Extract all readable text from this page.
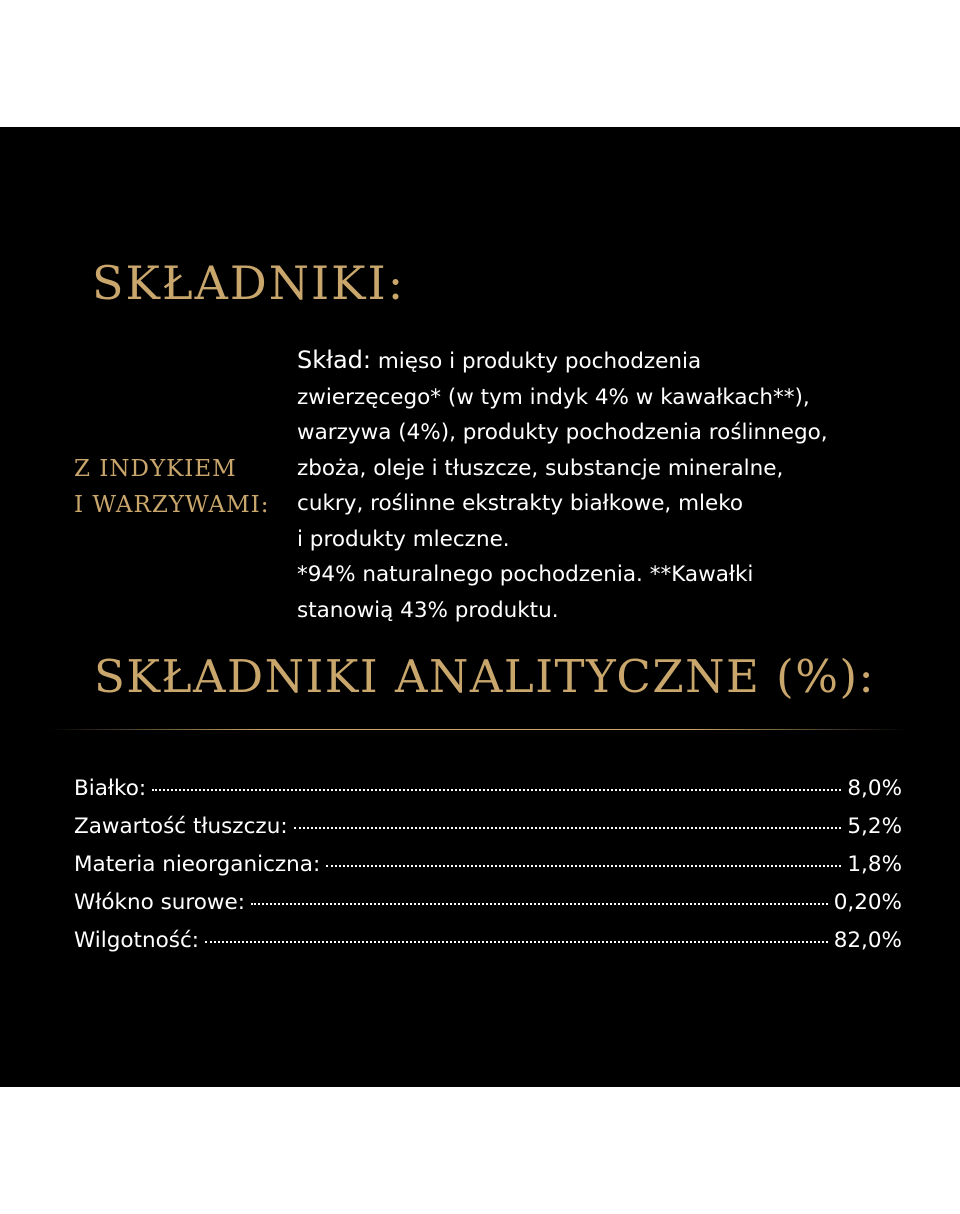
SKŁADNIKI:
Z INDYKIEM
I WARZYWAMI:
Skład: mięso i produkty pochodzenia
zwierzęcego* (w tym indyk 4% w kawałkach**),
warzywa (4%), produkty pochodzenia roślinnego,
zboża, oleje i tłuszcze, substancje mineralne,
cukry, roślinne ekstrakty białkowe, mleko
i produkty mleczne.
*94% naturalnego pochodzenia. **Kawałki
stanowią 43% produktu.
SKŁADNIKI ANALITYCZNE (%):
Białko:	8,0%
Zawartość tłuszczu:	5,2%
Materia nieorganiczna:	1,8%
Włókno surowe:	0,20%
Wilgotność:	82,0%
